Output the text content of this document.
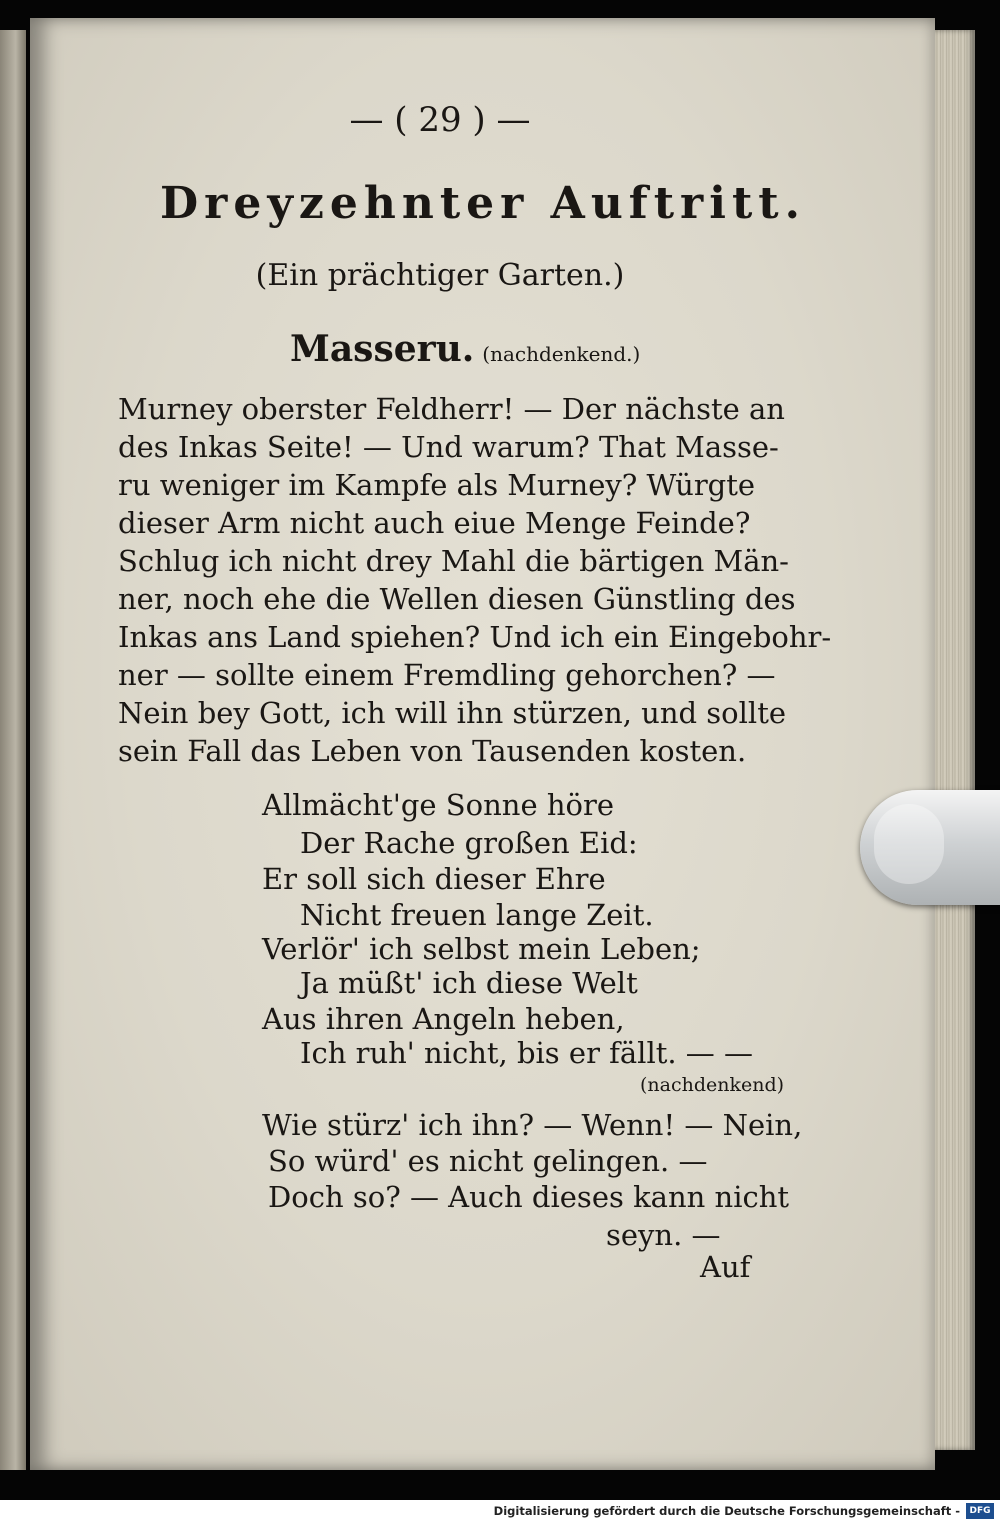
— ( 29 ) —
Dreyzehnter Auftritt.
(Ein prächtiger Garten.)
Masseru. (nachdenkend.)
Murney oberster Feldherr! — Der nächste an
des Inkas Seite! — Und warum? That Masse-
ru weniger im Kampfe als Murney? Würgte
dieser Arm nicht auch eiue Menge Feinde?
Schlug ich nicht drey Mahl die bärtigen Män-
ner, noch ehe die Wellen diesen Günstling des
Inkas ans Land spiehen? Und ich ein Eingebohr-
ner — sollte einem Fremdling gehorchen? —
Nein bey Gott, ich will ihn stürzen, und sollte
sein Fall das Leben von Tausenden kosten.
Allmächt'ge Sonne höre
Der Rache großen Eid:
Er soll sich dieser Ehre
Nicht freuen lange Zeit.
Verlör' ich selbst mein Leben;
Ja müßt' ich diese Welt
Aus ihren Angeln heben,
Ich ruh' nicht, bis er fällt. — —
(nachdenkend)
Wie stürz' ich ihn? — Wenn! — Nein,
So würd' es nicht gelingen. —
Doch so? — Auch dieses kann nicht
seyn. —
Auf
Digitalisierung gefördert durch die Deutsche Forschungsgemeinschaft -	DFG
